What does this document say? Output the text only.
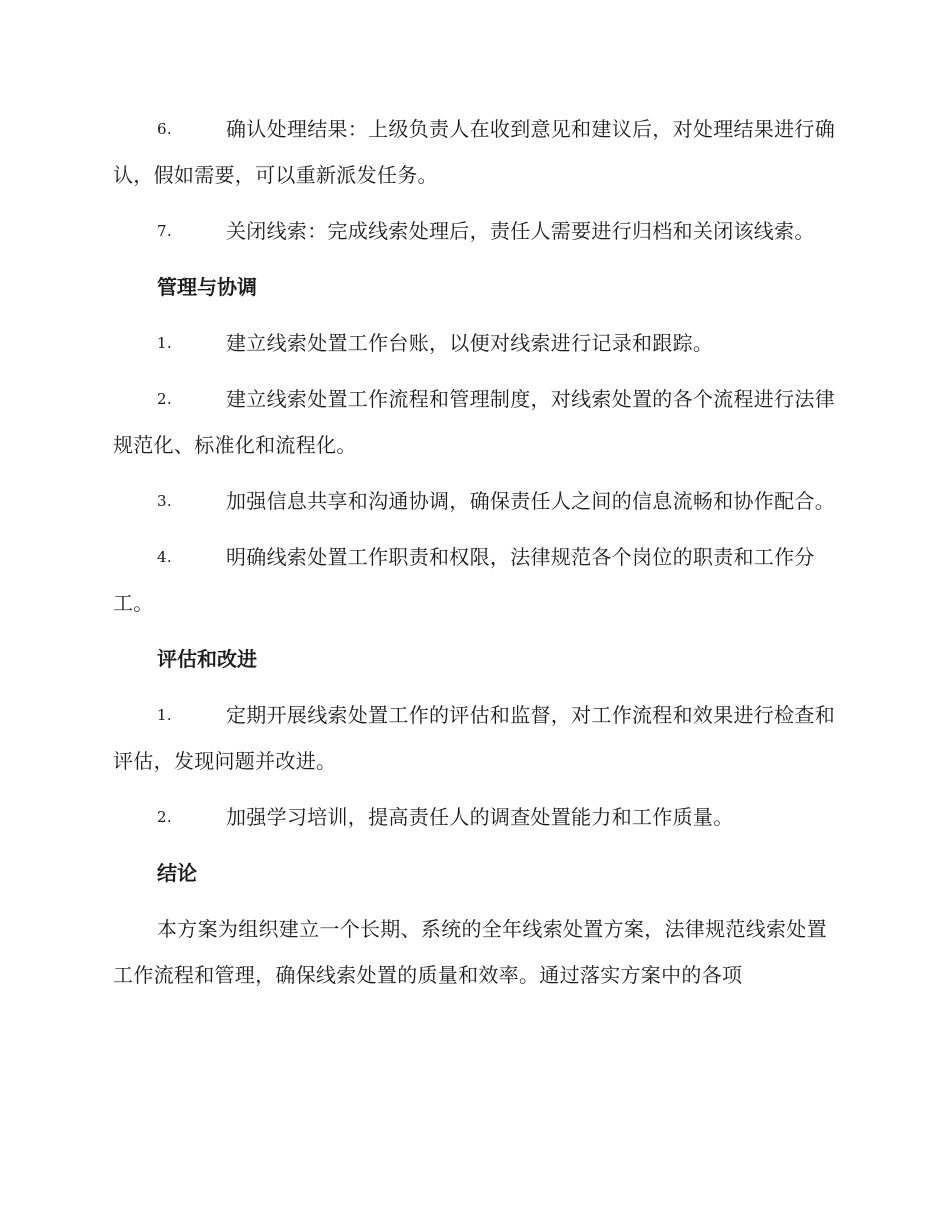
6.	确认处理结果：上级负责人在收到意见和建议后，对处理结果进行确认，假如需要，可以重新派发任务。

7.	关闭线索：完成线索处理后，责任人需要进行归档和关闭该线索。

管理与协调

1.	建立线索处置工作台账，以便对线索进行记录和跟踪。

2.	建立线索处置工作流程和管理制度，对线索处置的各个流程进行法律规范化、标准化和流程化。

3.	加强信息共享和沟通协调，确保责任人之间的信息流畅和协作配合。

4.	明确线索处置工作职责和权限，法律规范各个岗位的职责和工作分工。

评估和改进

1.	定期开展线索处置工作的评估和监督，对工作流程和效果进行检查和评估，发现问题并改进。

2.	加强学习培训，提高责任人的调查处置能力和工作质量。

结论

本方案为组织建立一个长期、系统的全年线索处置方案，法律规范线索处置工作流程和管理，确保线索处置的质量和效率。通过落实方案中的各项
